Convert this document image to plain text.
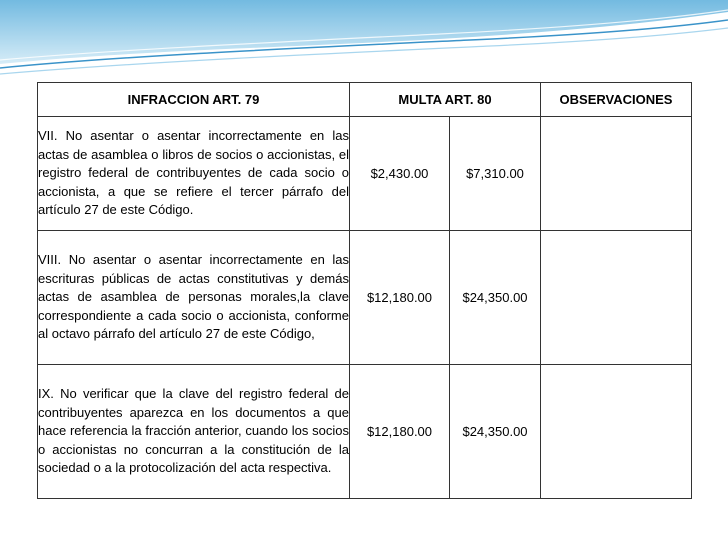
INFRACCION ART. 79	MULTA ART. 80		OBSERVACIONES
VII. No asentar o asentar incorrectamente en las actas de asamblea o libros de socios o accionistas, el registro federal de contribuyentes de cada socio o accionista, a que se refiere el tercer párrafo del artículo 27 de este Código.	$2,430.00	$7,310.00	
VIII. No asentar o asentar incorrectamente en las escrituras públicas de actas constitutivas y demás actas de asamblea de personas morales,la clave correspondiente a cada socio o accionista, conforme al octavo párrafo del artículo 27 de este Código,	$12,180.00	$24,350.00	
IX. No verificar que la clave del registro federal de contribuyentes aparezca en los documentos a que hace referencia la fracción anterior, cuando los socios o accionistas no concurran a la constitución de la sociedad o a la protocolización del acta respectiva.	$12,180.00	$24,350.00	
